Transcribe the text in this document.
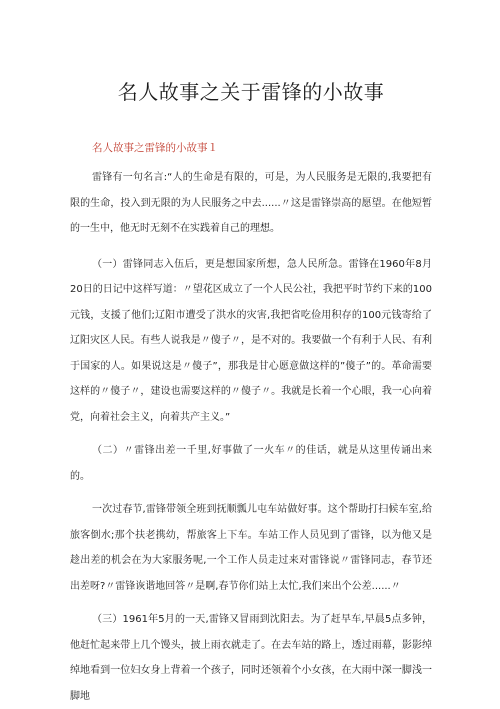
名人故事之关于雷锋的小故事
名人故事之雷锋的小故事１

雷锋有一句名言:“人的生命是有限的，可是，为人民服务是无限的,我要把有限的生命，投入到无限的为人民服务之中去......〃这是雷锋崇高的愿望。在他短暂的一生中，他无时无刻不在实践着自己的理想。

（一）雷锋同志入伍后，更是想国家所想，急人民所急。雷锋在1960年8月20日的日记中这样写道：〃望花区成立了一个人民公社，我把平时节约下来的100元钱，支援了他们;辽阳市遭受了洪水的灾害,我把省吃俭用积存的100元钱寄给了辽阳灾区人民。有些人说我是〃傻子〃，是不对的。我要做一个有利于人民、有利于国家的人。如果说这是〃傻子”，那我是甘心愿意做这样的”傻子”的。革命需要这样的〃傻子〃，建设也需要这样的〃傻子〃。我就是长着一个心眼，我一心向着党，向着社会主义，向着共产主义。”

（二）〃雷锋出差一千里,好事做了一火车〃的佳话，就是从这里传诵出来的。

一次过春节,雷锋带领全班到抚顺瓢儿屯车站做好事。这个帮助打扫候车室,给旅客倒水;那个扶老携幼，帮旅客上下车。车站工作人员见到了雷锋，以为他又是趁出差的机会在为大家服务呢,一个工作人员走过来对雷锋说〃雷锋同志，春节还出差呀?〃雷锋诙谐地回答〃是啊,春节你们站上太忙,我们来出个公差......〃

（三）1961年5月的一天,雷锋又冒雨到沈阳去。为了赶早车,早晨5点多钟，他赶忙起来带上几个馒头，披上雨衣就走了。在去车站的路上，透过雨幕，影影绰绰地看到一位妇女身上背着一个孩子，同时还领着个小女孩，在大雨中深一脚浅一脚地
